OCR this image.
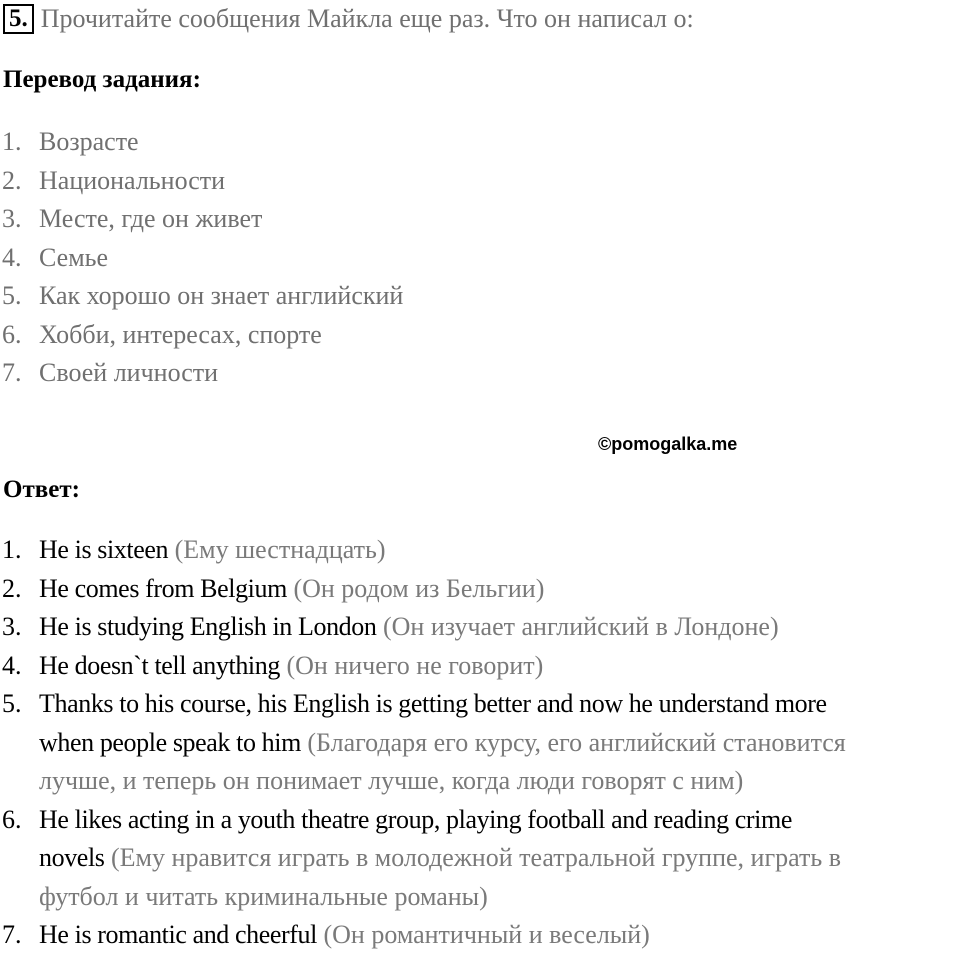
5. Прочитайте сообщения Майкла еще раз. Что он написал о:
Перевод задания:
1. Возрасте
2. Национальности
3. Месте, где он живет
4. Семье
5. Как хорошо он знает английский
6. Хобби, интересах, спорте
7. Своей личности
©pomogalka.me
Ответ:
1. He is sixteen (Ему шестнадцать)
2. He comes from Belgium (Он родом из Бельгии)
3. He is studying English in London (Он изучает английский в Лондоне)
4. He doesn`t tell anything (Он ничего не говорит)
5. Thanks to his course, his English is getting better and now he understand more
when people speak to him (Благодаря его курсу, его английский становится
лучше, и теперь он понимает лучше, когда люди говорят с ним)
6. He likes acting in a youth theatre group, playing football and reading crime
novels (Ему нравится играть в молодежной театральной группе, играть в
футбол и читать криминальные романы)
7. He is romantic and cheerful (Он романтичный и веселый)
